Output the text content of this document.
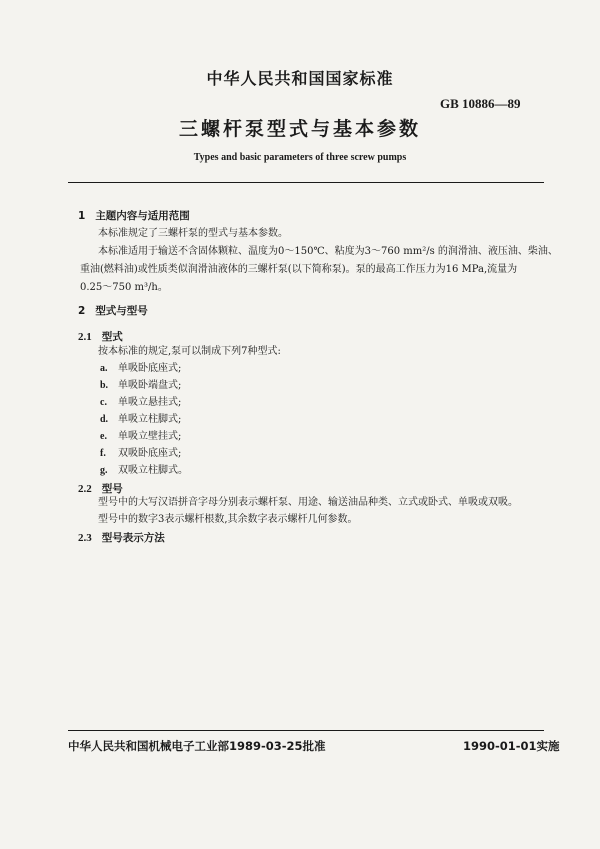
中华人民共和国国家标准
GB 10886—89
三螺杆泵型式与基本参数
Types and basic parameters of three screw pumps
1 主题内容与适用范围
本标准规定了三螺杆泵的型式与基本参数。
本标准适用于输送不含固体颗粒、温度为0～150℃、粘度为3～760 mm²/s 的润滑油、液压油、柴油、
重油(燃料油)或性质类似润滑油液体的三螺杆泵(以下简称泵)。泵的最高工作压力为16 MPa,流量为
0.25～750 m³/h。
2 型式与型号
2.1 型式
按本标准的规定,泵可以制成下列7种型式:
a. 单吸卧底座式;
b. 单吸卧端盘式;
c. 单吸立悬挂式;
d. 单吸立柱脚式;
e. 单吸立壁挂式;
f. 双吸卧底座式;
g. 双吸立柱脚式。
2.2 型号
型号中的大写汉语拼音字母分别表示螺杆泵、用途、输送油品种类、立式或卧式、单吸或双吸。
型号中的数字3表示螺杆根数,其余数字表示螺杆几何参数。
2.3 型号表示方法
中华人民共和国机械电子工业部1989-03-25批准	1990-01-01实施
